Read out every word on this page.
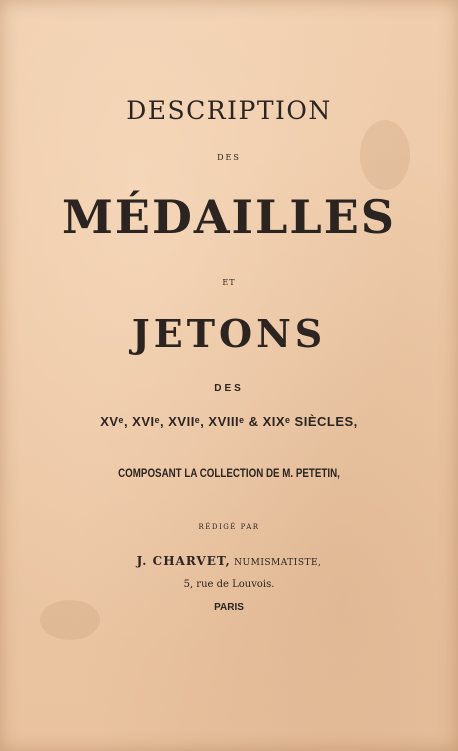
DESCRIPTION
DES
MÉDAILLES
ET
JETONS
DES
XVᵉ, XVIᵉ, XVIIᵉ, XVIIIᵉ & XIXᵉ SIÈCLES,
COMPOSANT LA COLLECTION DE M. PETETIN,
RÉDIGÉ PAR
J. CHARVET, NUMISMATISTE,
5, rue de Louvois.
PARIS
